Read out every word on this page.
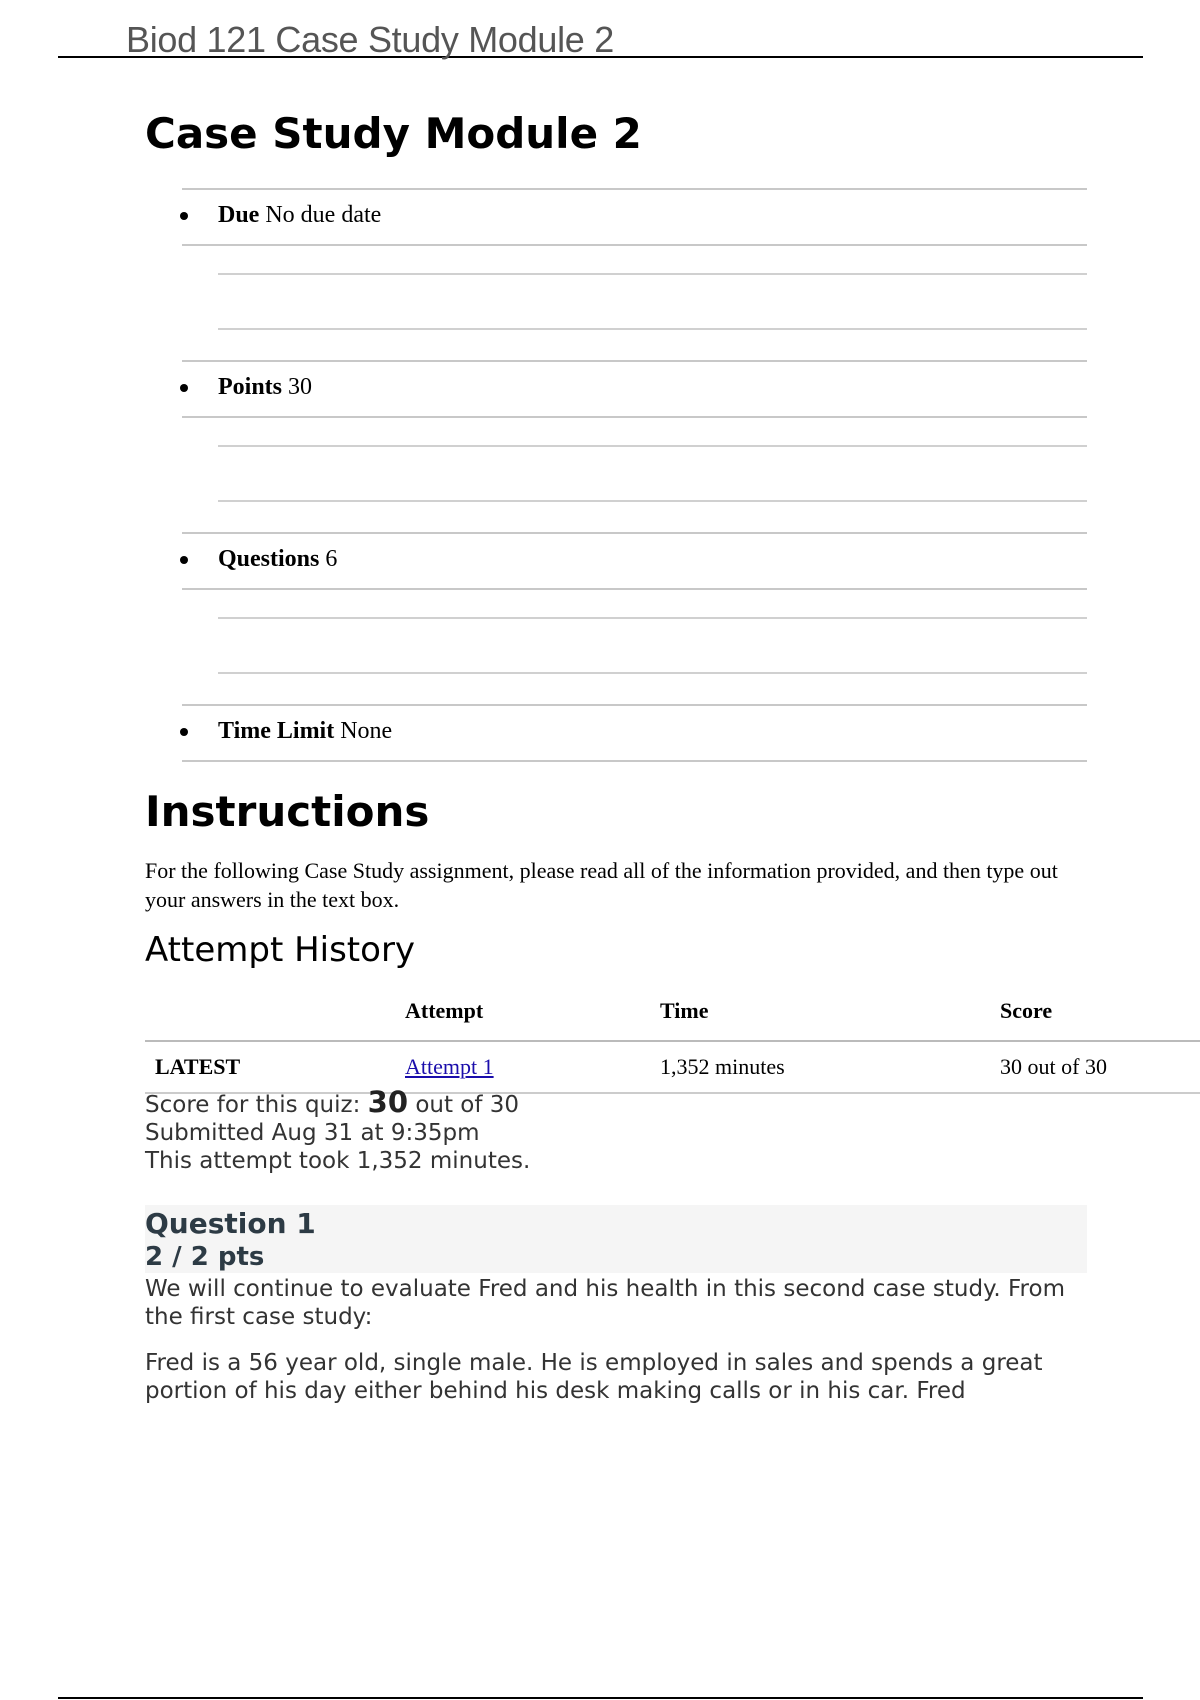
Biod 121 Case Study Module 2
Case Study Module 2
Due No due date
Points 30
Questions 6
Time Limit None
Instructions

For the following Case Study assignment, please read all of the information provided, and then type out your answers in the text box.

Attempt History
	Attempt	Time	Score
LATEST	Attempt 1	1,352 minutes	30 out of 30
Score for this quiz: 30 out of 30
Submitted Aug 31 at 9:35pm
This attempt took 1,352 minutes.
Question 1
2 / 2 pts

We will continue to evaluate Fred and his health in this second case study. From the first case study:

Fred is a 56 year old, single male. He is employed in sales and spends a great portion of his day either behind his desk making calls or in his car. Fred
